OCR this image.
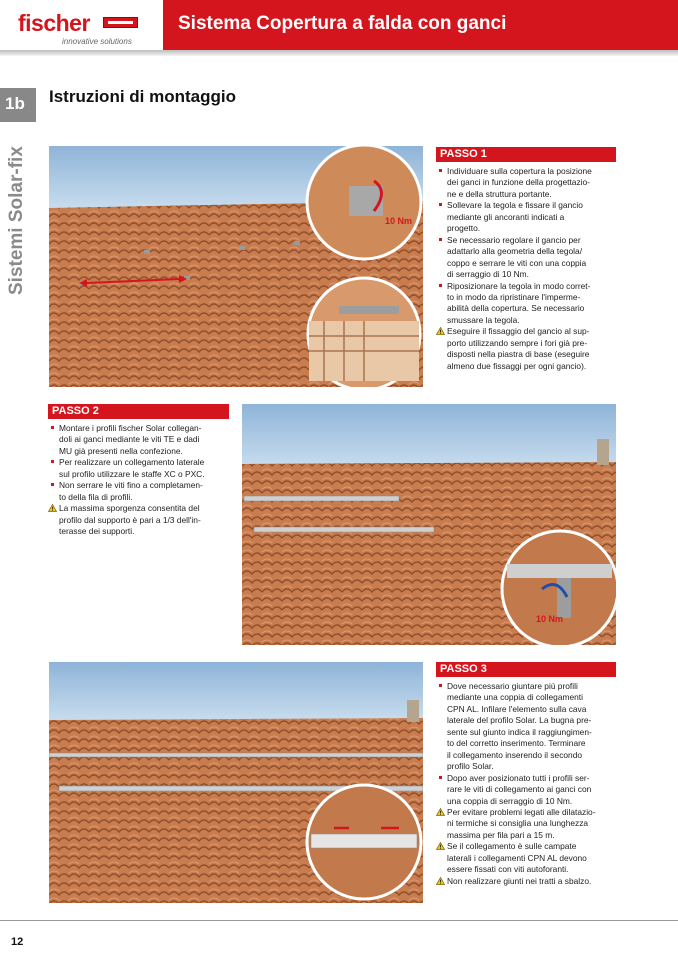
fischer
innovative solutions
Sistema Copertura a falda con ganci
1b
Sistemi Solar-fix
Istruzioni di montaggio
10 Nm
PASSO 1
Individuare sulla copertura la posizione
dei ganci in funzione della progettazio-
ne e della struttura portante.
Sollevare la tegola e fissare il gancio
mediante gli ancoranti indicati a
progetto.
Se necessario regolare il gancio per
adattarlo alla geometria della tegola/
coppo e serrare le viti con una coppia
di serraggio di 10 Nm.
Riposizionare la tegola in modo corret-
to in modo da ripristinare l'imperme-
abilità della copertura. Se necessario
smussare la tegola.
Eseguire il fissaggio del gancio al sup-
porto utilizzando sempre i fori già pre-
disposti nella piastra di base (eseguire
almeno due fissaggi per ogni gancio).
PASSO 2
Montare i profili fischer Solar collegan-
doli ai ganci mediante le viti TE e dadi
MU già presenti nella confezione.
Per realizzare un collegamento laterale
sul profilo utilizzare le staffe XC o PXC.
Non serrare le viti fino a completamen-
to della fila di profili.
La massima sporgenza consentita del
profilo dal supporto è pari a 1/3 dell'in-
terasse dei supporti.
10 Nm
PASSO 3
Dove necessario giuntare più profili
mediante una coppia di collegamenti
CPN AL. Infilare l'elemento sulla cava
laterale del profilo Solar. La bugna pre-
sente sul giunto indica il raggiungimen-
to del corretto inserimento. Terminare
il collegamento inserendo il secondo
profilo Solar.
Dopo aver posizionato tutti i profili ser-
rare le viti di collegamento ai ganci con
una coppia di serraggio di 10 Nm.
Per evitare problemi legati alle dilatazio-
ni termiche si consiglia una lunghezza
massima per fila pari a 15 m.
Se il collegamento è sulle campate
laterali i collegamenti CPN AL devono
essere fissati con viti autoforanti.
Non realizzare giunti nei tratti a sbalzo.
12
